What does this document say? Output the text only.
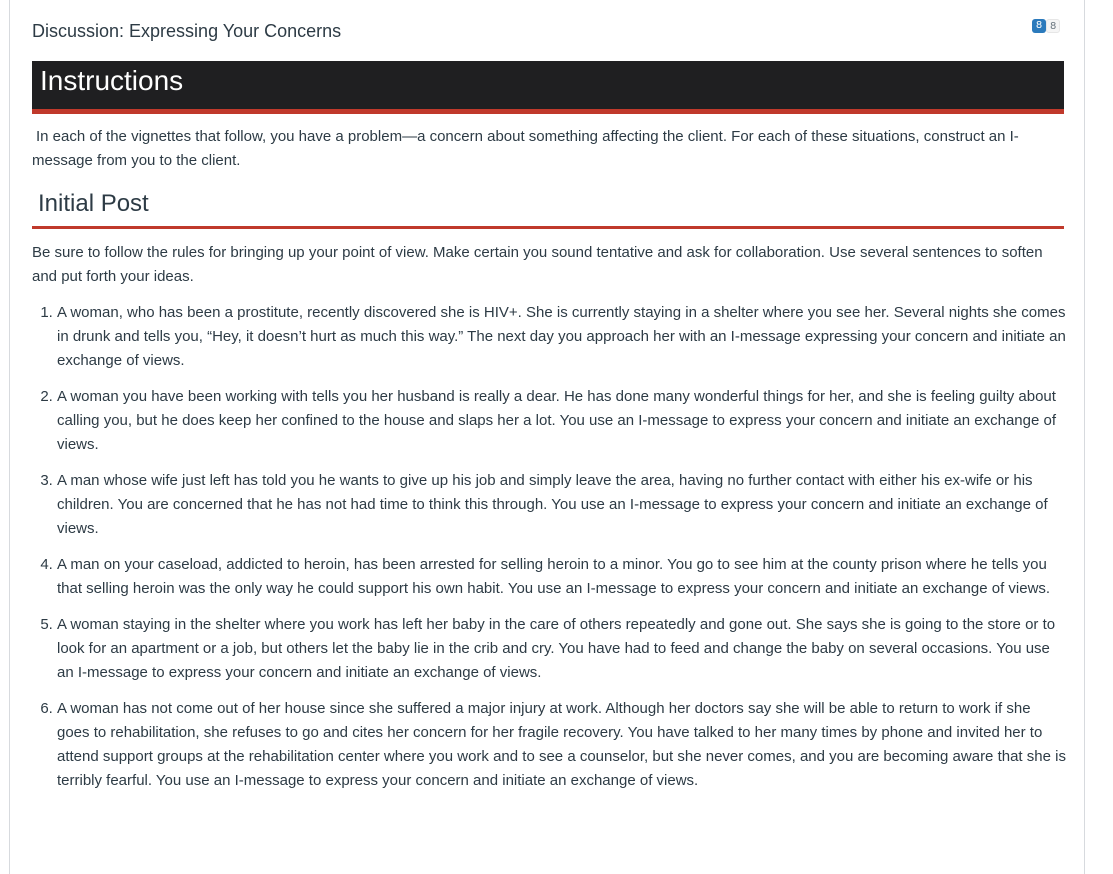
Discussion: Expressing Your Concerns	8 8
Instructions
In each of the vignettes that follow, you have a problem—a concern about something affecting the client. For each of these situations, construct an I-message from you to the client.
Initial Post
Be sure to follow the rules for bringing up your point of view. Make certain you sound tentative and ask for collaboration. Use several sentences to soften and put forth your ideas.
1. A woman, who has been a prostitute, recently discovered she is HIV+. She is currently staying in a shelter where you see her. Several nights she comes in drunk and tells you, “Hey, it doesn’t hurt as much this way.” The next day you approach her with an I-message expressing your concern and initiate an exchange of views.
2. A woman you have been working with tells you her husband is really a dear. He has done many wonderful things for her, and she is feeling guilty about calling you, but he does keep her confined to the house and slaps her a lot. You use an I-message to express your concern and initiate an exchange of views.
3. A man whose wife just left has told you he wants to give up his job and simply leave the area, having no further contact with either his ex-wife or his children. You are concerned that he has not had time to think this through. You use an I-message to express your concern and initiate an exchange of views.
4. A man on your caseload, addicted to heroin, has been arrested for selling heroin to a minor. You go to see him at the county prison where he tells you that selling heroin was the only way he could support his own habit. You use an I-message to express your concern and initiate an exchange of views.
5. A woman staying in the shelter where you work has left her baby in the care of others repeatedly and gone out. She says she is going to the store or to look for an apartment or a job, but others let the baby lie in the crib and cry. You have had to feed and change the baby on several occasions. You use an I-message to express your concern and initiate an exchange of views.
6. A woman has not come out of her house since she suffered a major injury at work. Although her doctors say she will be able to return to work if she goes to rehabilitation, she refuses to go and cites her concern for her fragile recovery. You have talked to her many times by phone and invited her to attend support groups at the rehabilitation center where you work and to see a counselor, but she never comes, and you are becoming aware that she is terribly fearful. You use an I-message to express your concern and initiate an exchange of views.
